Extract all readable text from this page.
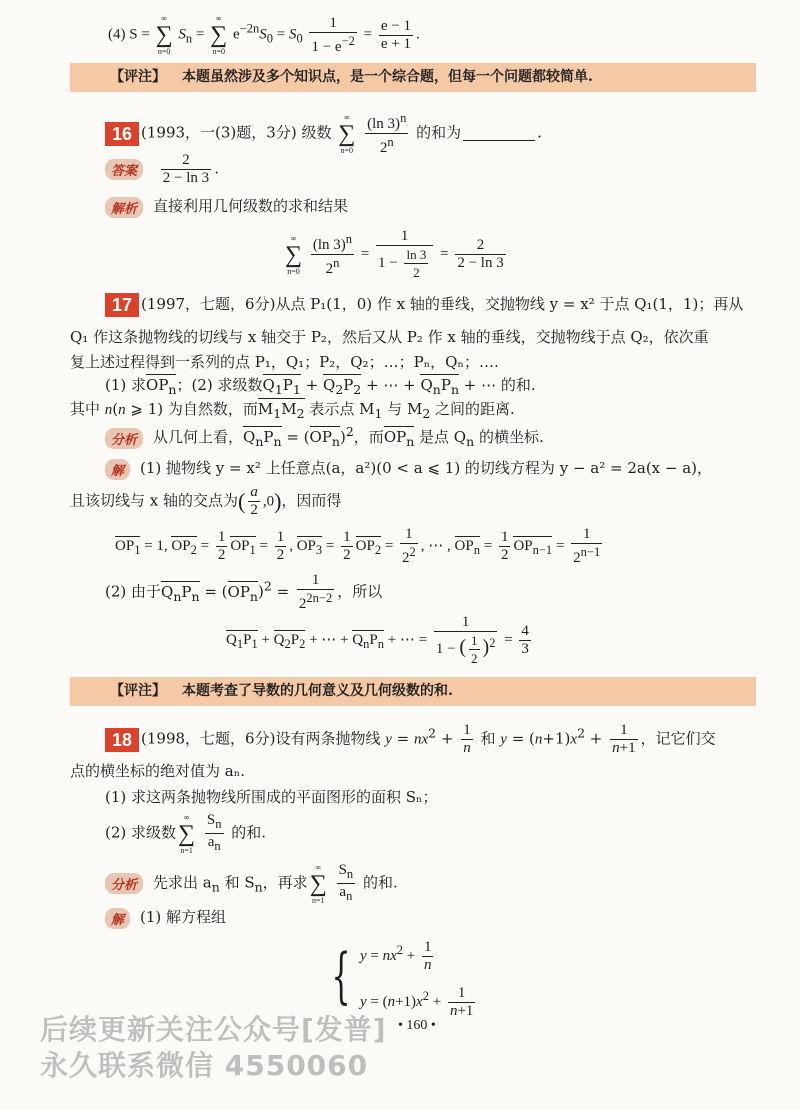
(4) S =
∞
∑
n=0
$S_n$ =
∞
∑
n=0
$e^{-2n}S_0 = S_0 \frac{1}{1 - e^{-2}} = \frac{e - 1}{e + 1}$ .
【评注】 本题虽然涉及多个知识点，是一个综合题，但每一个问题都较简单.
16 (1993，一(3)题，3分) 级数
∞
∑
n=0
$\frac{(\ln 3)^n}{2^n}$ 的和为	.
答案 $\frac{2}{2 - \ln 3}$ .
解析 直接利用几何级数的求和结果
∞
∑
n=0
$\frac{(\ln 3)^n}{2^n} = \frac{1}{1 - \frac{\ln 3}{2}} = \frac{2}{2 - \ln 3}$
17 (1997，七题，6分)从点 P₁(1，0) 作 x 轴的垂线，交抛物线 y = x² 于点 Q₁(1，1)；再从
Q₁ 作这条抛物线的切线与 x 轴交于 P₂，然后又从 P₂ 作 x 轴的垂线，交抛物线于点 Q₂，依次重
复上述过程得到一系列的点 P₁，Q₁；P₂，Q₂；…；Pₙ，Qₙ；….
(1) 求$OP_n$；(2) 求级数$Q_1P_1 + Q_2P_2$ + ⋯ + $Q_nP_n$ + ⋯ 的和.
其中 n(n ⩾ 1) 为自然数，而$M_1M_2$ 表示点 $M_1$ 与 $M_2$ 之间的距离.
分析 从几何上看，$Q_nP_n = (OP_n)^2$，而$OP_n$ 是点 $Q_n$ 的横坐标.
解 (1) 抛物线 y = x² 上任意点(a，a²)(0 < a ⩽ 1) 的切线方程为 y − a² = 2a(x − a)，
且该切线与 x 轴的交点为( $\frac{a}{2} ,0$)，因而得
$OP_1 = 1$, $OP_2 = \frac{1}{2} OP_1 = \frac{1}{2}$ , $OP_3 = \frac{1}{2} OP_2 = \frac{1}{2^2}$ , ⋯ , $OP_n = \frac{1}{2} OP_{n-1} = \frac{1}{2^{n-1}}$
(2) 由于$Q_nP_n = (OP_n)^2 = \frac{1}{2^{2n-2}}$ ，所以
$Q_1P_1 + Q_2P_2$ + ⋯ + $Q_nP_n$ + ⋯ = $\frac{1}{1 - ( \frac{1}{2} )^2} = \frac{4}{3}$
【评注】 本题考查了导数的几何意义及几何级数的和.
18 (1998，七题，6分)设有两条抛物线 $y = nx^2 + \frac{1}{n}$ 和 $y = (n+1)x^2 + \frac{1}{n+1}$ ，记它们交
点的横坐标的绝对值为 aₙ.
(1) 求这两条抛物线所围成的平面图形的面积 Sₙ；
(2) 求级数
∞
∑
n=1
$\frac{S_n}{a_n}$ 的和.
分析 先求出 $a_n$ 和 $S_n$，再求
∞
∑
n=1
$\frac{S_n}{a_n}$ 的和.
解 (1) 解方程组
{ $y = nx^2 + \frac{1}{n}$
$y = (n+1)x^2 + \frac{1}{n+1}$
• 160 •
后续更新关注公众号[发普]
永久联系微信 4550060
